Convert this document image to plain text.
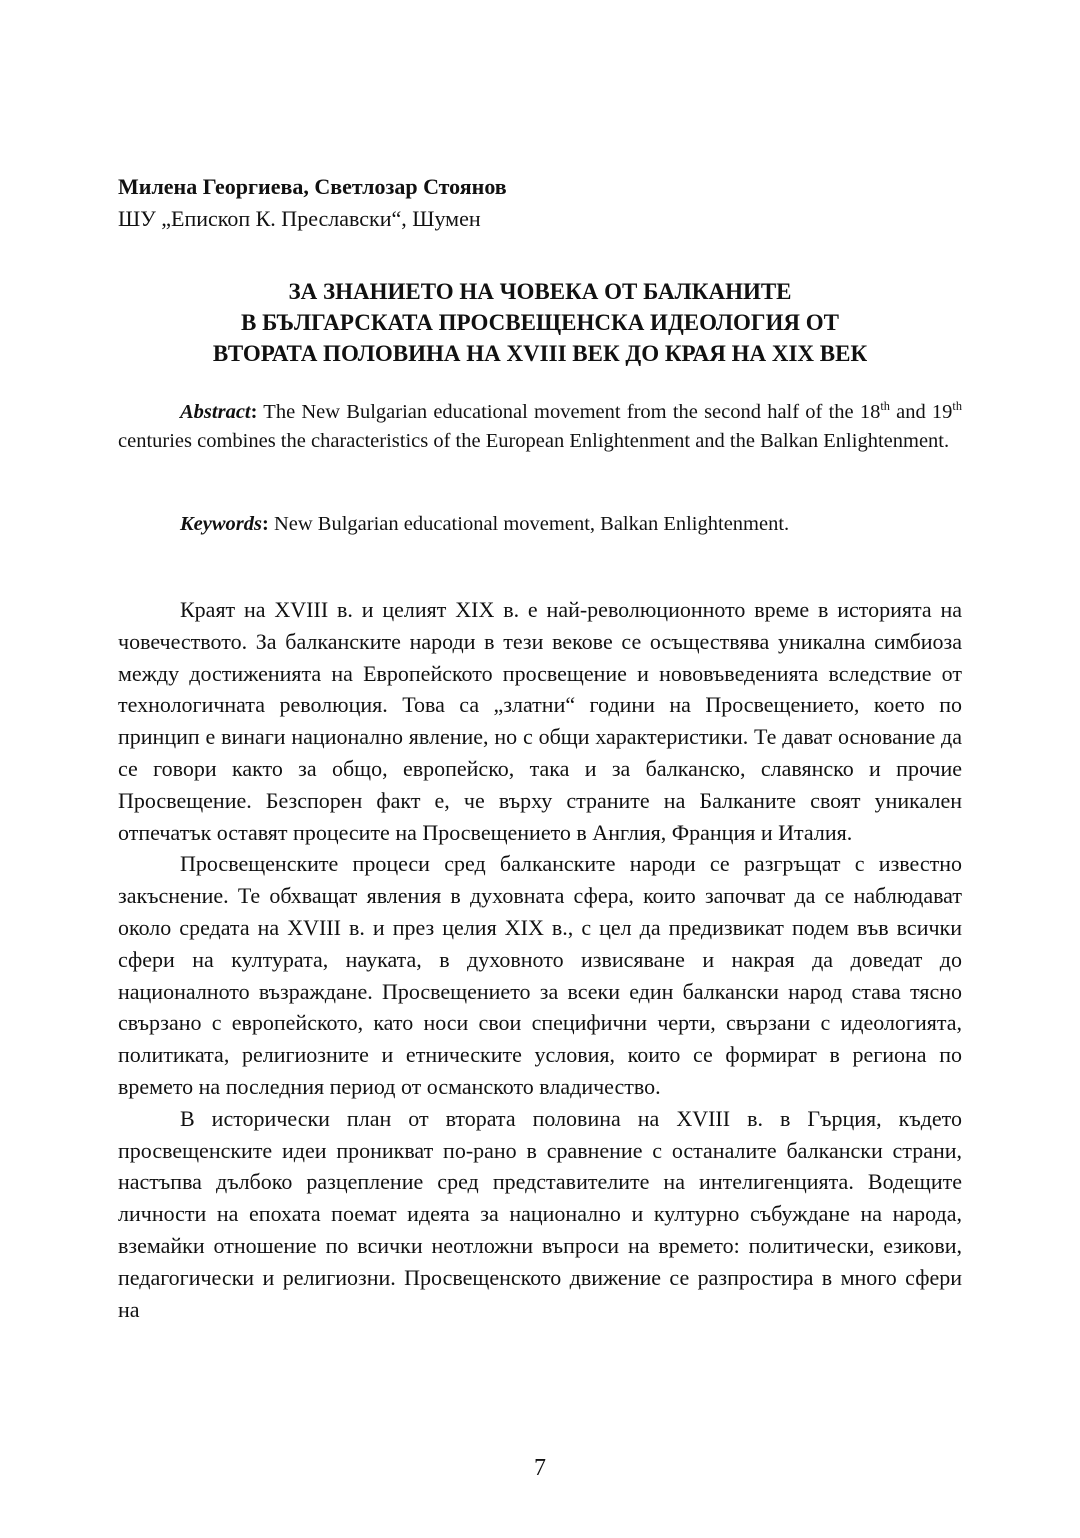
Милена Георгиева, Светлозар Стоянов

ШУ „Епископ К. Преславски“, Шумен

ЗА ЗНАНИЕТО НА ЧОВЕКА ОТ БАЛКАНИТЕ
В БЪЛГАРСКАТА ПРОСВЕЩЕНСКА ИДЕОЛОГИЯ ОТ
ВТОРАТА ПОЛОВИНА НА XVIII ВЕК ДО КРАЯ НА XIX ВЕК

Abstract: The New Bulgarian educational movement from the second half of the 18th and 19th centuries combines the characteristics of the European Enlightenment and the Balkan Enlightenment.

Keywords: New Bulgarian educational movement, Balkan Enlightenment.

Краят на XVIII в. и целият XIX в. е най-революционното време в историята на човечеството. За балканските народи в тези векове се осъществява уникална симбиоза между достиженията на Европейското просвещение и нововъведенията вследствие от технологичната революция. Това са „златни“ години на Просвещението, което по принцип е винаги национално явление, но с общи характеристики. Те дават основание да се говори както за общо, европейско, така и за балканско, славянско и прочие Просвещение. Безспорен факт е, че върху страните на Балканите своят уникален отпечатък оставят процесите на Просвещението в Англия, Франция и Италия.

Просвещенските процеси сред балканските народи се разгръщат с известно закъснение. Те обхващат явления в духовната сфера, които започват да се наблюдават около средата на XVIII в. и през целия XIX в., с цел да предизвикат подем във всички сфери на културата, науката, в духовното извисяване и накрая да доведат до националното възраждане. Просвещението за всеки един балкански народ става тясно свързано с европейското, като носи свои специфични черти, свързани с идеологията, политиката, религиозните и етническите условия, които се формират в региона по времето на последния период от османското владичество.

В исторически план от втората половина на XVIII в. в Гърция, където просвещенските идеи проникват по-рано в сравнение с останалите балкански страни, настъпва дълбоко разцепление сред представителите на интелигенцията. Водещите личности на епохата поемат идеята за национално и културно събуждане на народа, вземайки отношение по всички неотложни въпроси на времето: политически, езикови, педагогически и религиозни. Просвещенското движение се разпростира в много сфери на

7
